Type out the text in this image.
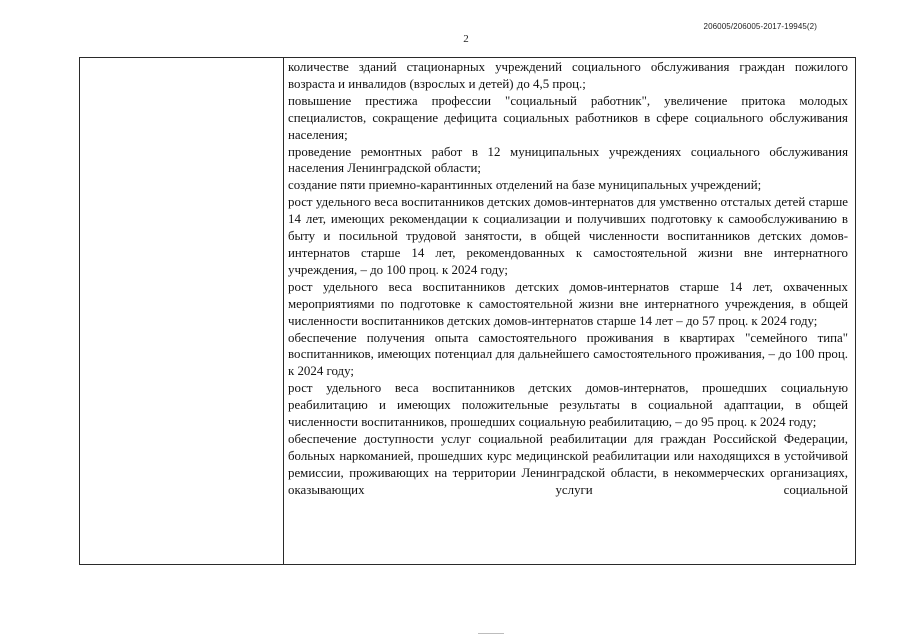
206005/206005-2017-19945(2)
2

количестве зданий стационарных учреждений социального обслуживания граждан пожилого возраста и инвалидов (взрослых и детей) до 4,5 проц.;

повышение престижа профессии "социальный работник", увеличение притока молодых специалистов, сокращение дефицита социальных работников в сфере социального обслуживания населения;

проведение ремонтных работ в 12 муниципальных учреждениях социального обслуживания населения Ленинградской области;

создание пяти приемно-карантинных отделений на базе муниципальных учреждений;

рост удельного веса воспитанников детских домов-интернатов для умственно отсталых детей старше 14 лет, имеющих рекомендации к социализации и получивших подготовку к самообслуживанию в быту и посильной трудовой занятости, в общей численности воспитанников детских домов-интернатов старше 14 лет, рекомендованных к самостоятельной жизни вне интернатного учреждения, – до 100 проц. к 2024 году;

рост удельного веса воспитанников детских домов-интернатов старше 14 лет, охваченных мероприятиями по подготовке к самостоятельной жизни вне интернатного учреждения, в общей численности воспитанников детских домов-интернатов старше 14 лет – до 57 проц. к 2024 году;

обеспечение получения опыта самостоятельного проживания в квартирах "семейного типа" воспитанников, имеющих потенциал для дальнейшего самостоятельного проживания, – до 100 проц. к 2024 году;

рост удельного веса воспитанников детских домов-интернатов, прошедших социальную реабилитацию и имеющих положительные результаты в социальной адаптации, в общей численности воспитанников, прошедших социальную реабилитацию, – до 95 проц. к 2024 году;

обеспечение доступности услуг социальной реабилитации для граждан Российской Федерации, больных наркоманией, прошедших курс медицинской реабилитации или находящихся в устойчивой ремиссии, проживающих на территории Ленинградской области, в некоммерческих организациях, оказывающих услуги социальной
